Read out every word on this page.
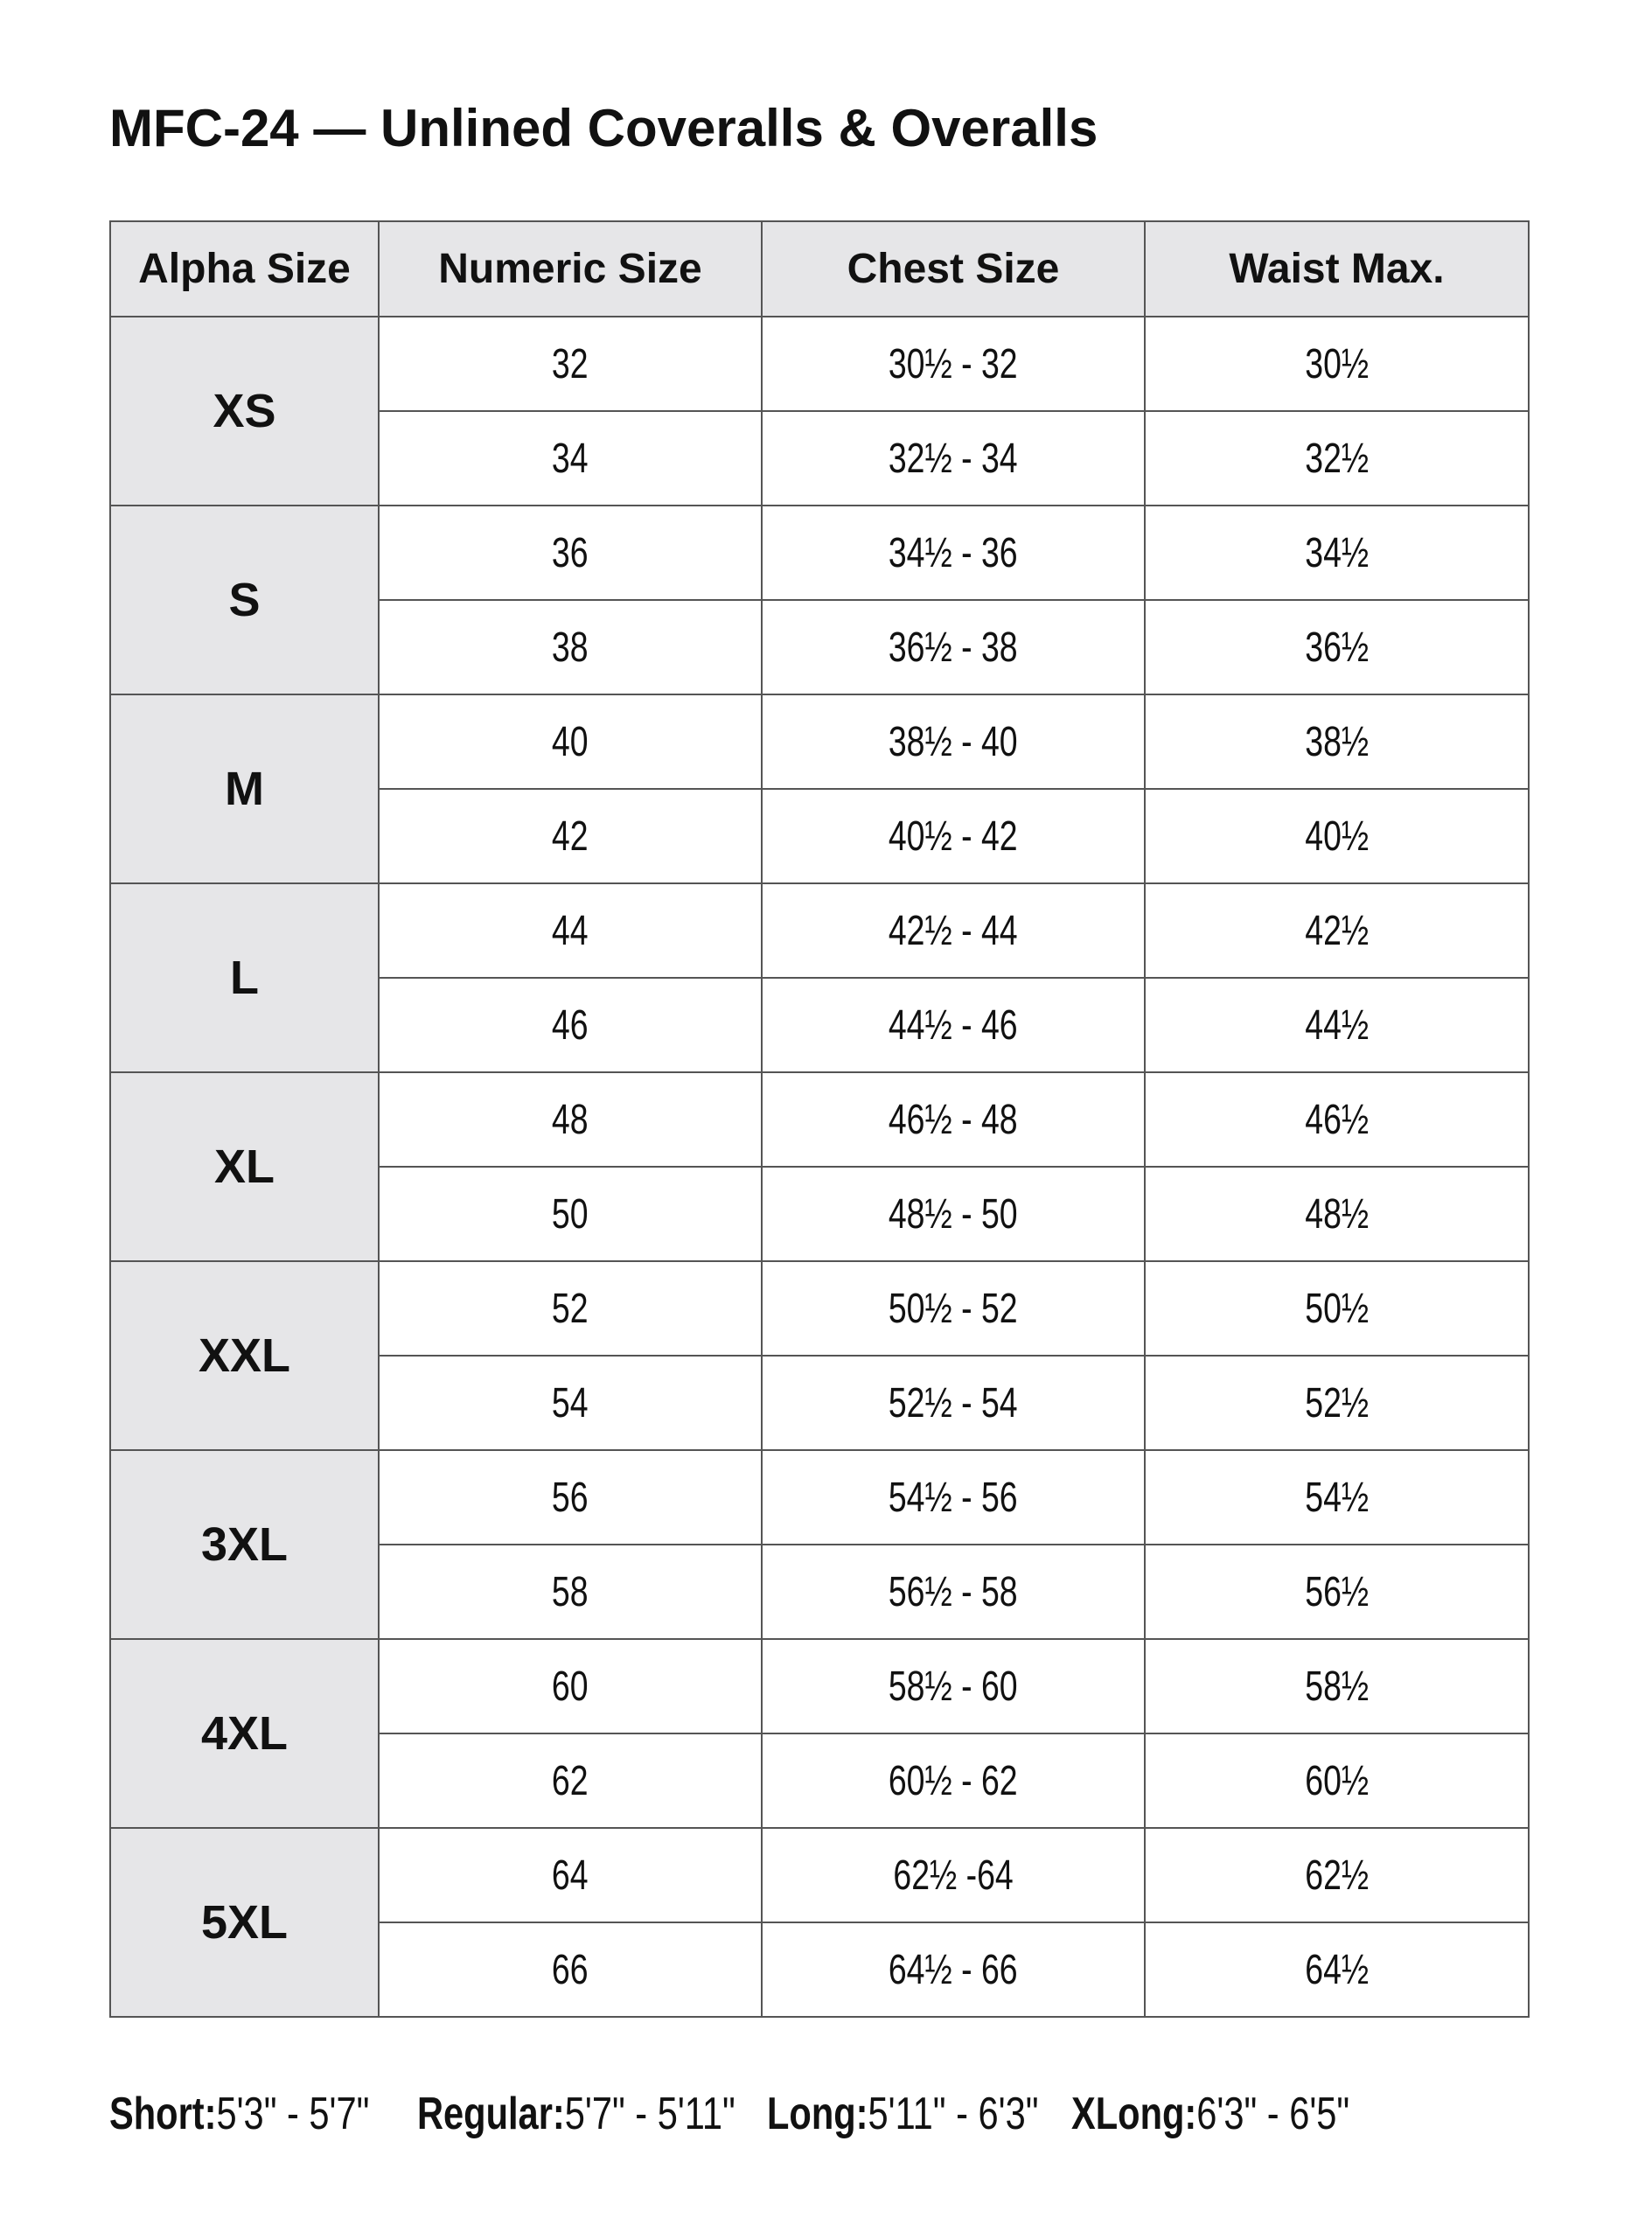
MFC-24 — Unlined Coveralls & Overalls
Alpha Size	Numeric Size	Chest Size	Waist Max.
XS	32	30½ - 32	30½
	34	32½ - 34	32½
S	36	34½ - 36	34½
	38	36½ - 38	36½
M	40	38½ - 40	38½
	42	40½ - 42	40½
L	44	42½ - 44	42½
	46	44½ - 46	44½
XL	48	46½ - 48	46½
	50	48½ - 50	48½
XXL	52	50½ - 52	50½
	54	52½ - 54	52½
3XL	56	54½ - 56	54½
	58	56½ - 58	56½
4XL	60	58½ - 60	58½
	62	60½ - 62	60½
5XL	64	62½ -64	62½
	66	64½ - 66	64½
Short:5'3" - 5'7" Regular:5'7" - 5'11" Long:5'11" - 6'3" XLong:6'3" - 6'5"
